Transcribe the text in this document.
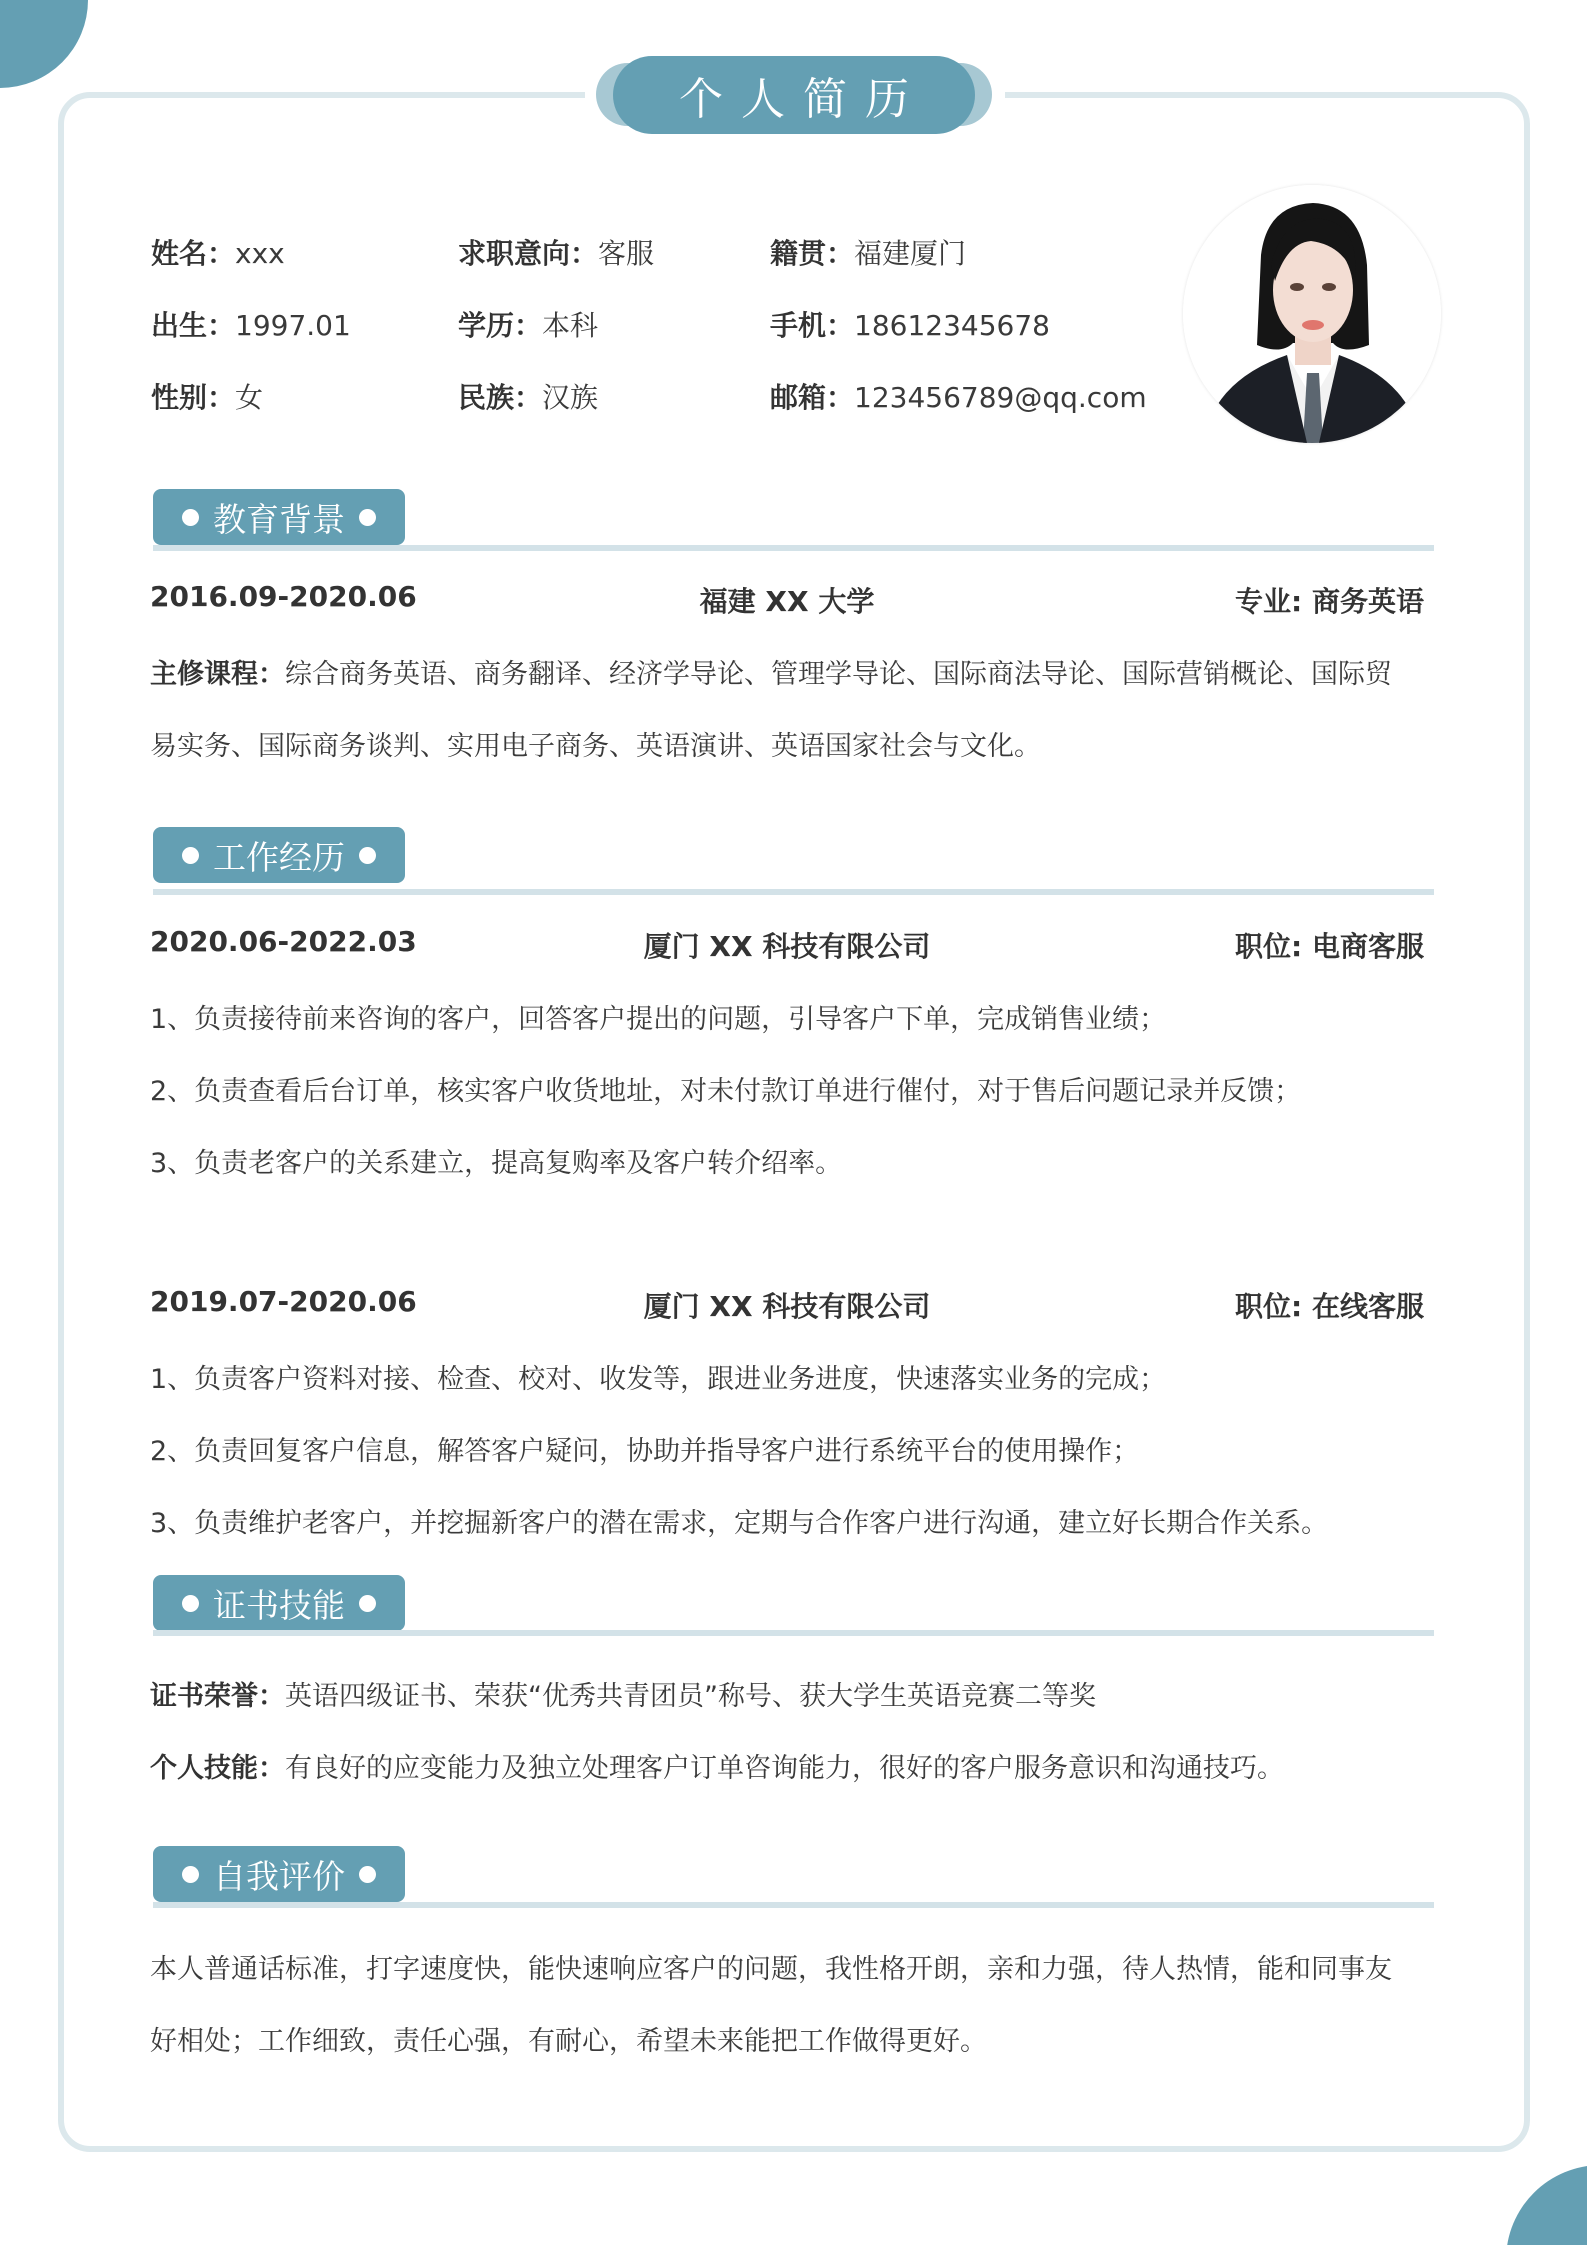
个人简历
姓名：xxx	求职意向：客服	籍贯：福建厦门
出生：1997.01	学历：本科	手机：18612345678
性别：女	民族：汉族	邮箱：123456789@qq.com
教育背景
2016.09-2020.06	福建 XX 大学	专业: 商务英语
主修课程：综合商务英语、商务翻译、经济学导论、管理学导论、国际商法导论、国际营销概论、国际贸
易实务、国际商务谈判、实用电子商务、英语演讲、英语国家社会与文化。
工作经历
2020.06-2022.03	厦门 XX 科技有限公司	职位: 电商客服
1、负责接待前来咨询的客户，回答客户提出的问题，引导客户下单，完成销售业绩；
2、负责查看后台订单，核实客户收货地址，对未付款订单进行催付，对于售后问题记录并反馈；
3、负责老客户的关系建立，提高复购率及客户转介绍率。
2019.07-2020.06	厦门 XX 科技有限公司	职位: 在线客服
1、负责客户资料对接、检查、校对、收发等，跟进业务进度，快速落实业务的完成；
2、负责回复客户信息，解答客户疑问，协助并指导客户进行系统平台的使用操作；
3、负责维护老客户，并挖掘新客户的潜在需求，定期与合作客户进行沟通，建立好长期合作关系。
证书技能
证书荣誉：英语四级证书、荣获“优秀共青团员”称号、获大学生英语竞赛二等奖
个人技能：有良好的应变能力及独立处理客户订单咨询能力，很好的客户服务意识和沟通技巧。
自我评价
本人普通话标准，打字速度快，能快速响应客户的问题，我性格开朗，亲和力强，待人热情，能和同事友
好相处；工作细致，责任心强，有耐心，希望未来能把工作做得更好。
